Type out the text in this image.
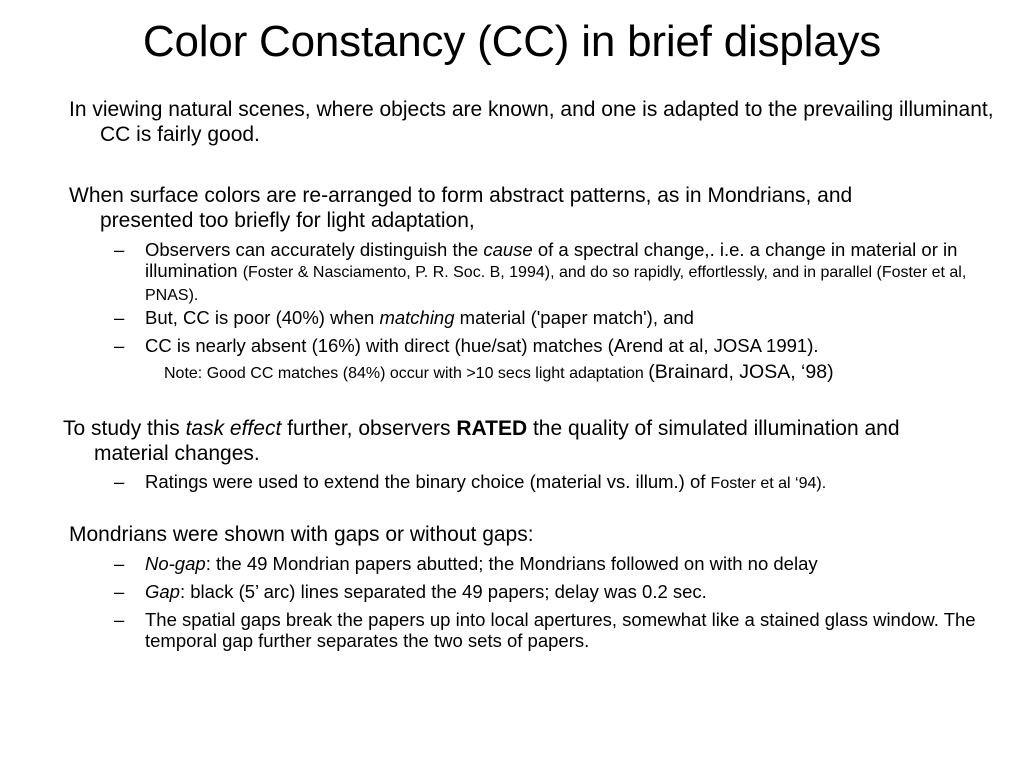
Color Constancy (CC) in brief displays
In viewing natural scenes, where objects are known, and one is adapted to the prevailing illuminant, CC is fairly good.
When surface colors are re-arranged to form abstract patterns, as in Mondrians, and presented too briefly for light adaptation,
– Observers can accurately distinguish the cause of a spectral change,. i.e. a change in material or in illumination (Foster & Nasciamento, P. R. Soc. B, 1994), and do so rapidly, effortlessly, and in parallel (Foster et al, PNAS).
– But, CC is poor (40%) when matching material ('paper match'), and
– CC is nearly absent (16%) with direct (hue/sat) matches (Arend at al, JOSA 1991).
Note: Good CC matches (84%) occur with >10 secs light adaptation (Brainard, JOSA, ‘98)
To study this task effect further, observers RATED the quality of simulated illumination and material changes.
– Ratings were used to extend the binary choice (material vs. illum.) of Foster et al ‘94).
Mondrians were shown with gaps or without gaps:
– No-gap: the 49 Mondrian papers abutted; the Mondrians followed on with no delay
– Gap: black (5’ arc) lines separated the 49 papers; delay was 0.2 sec.
– The spatial gaps break the papers up into local apertures, somewhat like a stained glass window. The temporal gap further separates the two sets of papers.
